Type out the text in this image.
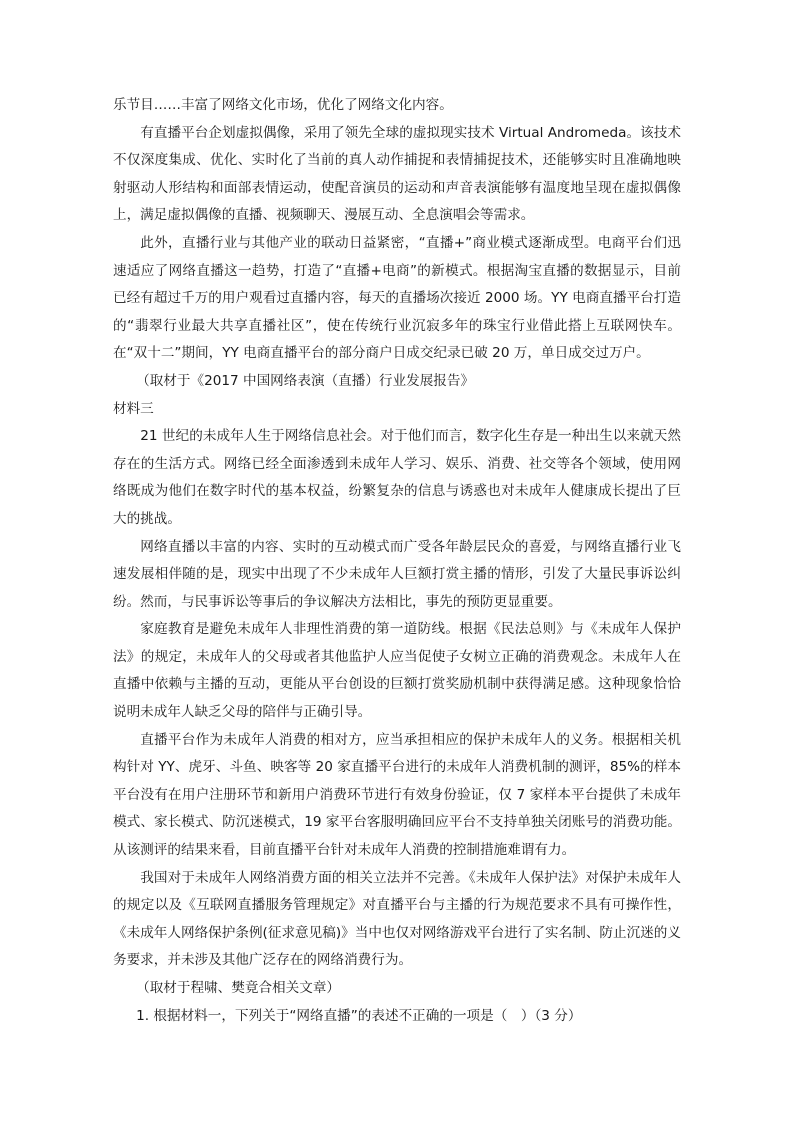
乐节目……丰富了网络文化市场，优化了网络文化内容。

有直播平台企划虚拟偶像，采用了领先全球的虚拟现实技术 Virtual Andromeda。该技术不仅深度集成、优化、实时化了当前的真人动作捕捉和表情捕捉技术，还能够实时且准确地映射驱动人形结构和面部表情运动，使配音演员的运动和声音表演能够有温度地呈现在虚拟偶像上，满足虚拟偶像的直播、视频聊天、漫展互动、全息演唱会等需求。

此外，直播行业与其他产业的联动日益紧密，“直播+”商业模式逐渐成型。电商平台们迅速适应了网络直播这一趋势，打造了“直播+电商”的新模式。根据淘宝直播的数据显示，目前已经有超过千万的用户观看过直播内容，每天的直播场次接近 2000 场。YY 电商直播平台打造的“翡翠行业最大共享直播社区”，使在传统行业沉寂多年的珠宝行业借此搭上互联网快车。在“双十二”期间，YY 电商直播平台的部分商户日成交纪录已破 20 万，单日成交过万户。

（取材于《2017 中国网络表演（直播）行业发展报告》

材料三

21 世纪的未成年人生于网络信息社会。对于他们而言，数字化生存是一种出生以来就天然存在的生活方式。网络已经全面渗透到未成年人学习、娱乐、消费、社交等各个领域，使用网络既成为他们在数字时代的基本权益，纷繁复杂的信息与诱惑也对未成年人健康成长提出了巨大的挑战。

网络直播以丰富的内容、实时的互动模式而广受各年龄层民众的喜爱，与网络直播行业飞速发展相伴随的是，现实中出现了不少未成年人巨额打赏主播的情形，引发了大量民事诉讼纠纷。然而，与民事诉讼等事后的争议解决方法相比，事先的预防更显重要。

家庭教育是避免未成年人非理性消费的第一道防线。根据《民法总则》与《未成年人保护法》的规定，未成年人的父母或者其他监护人应当促使子女树立正确的消费观念。未成年人在直播中依赖与主播的互动，更能从平台创设的巨额打赏奖励机制中获得满足感。这种现象恰恰说明未成年人缺乏父母的陪伴与正确引导。

直播平台作为未成年人消费的相对方，应当承担相应的保护未成年人的义务。根据相关机构针对 YY、虎牙、斗鱼、映客等 20 家直播平台进行的未成年人消费机制的测评，85%的样本平台没有在用户注册环节和新用户消费环节进行有效身份验证，仅 7 家样本平台提供了未成年模式、家长模式、防沉迷模式，19 家平台客服明确回应平台不支持单独关闭账号的消费功能。从该测评的结果来看，目前直播平台针对未成年人消费的控制措施难谓有力。

我国对于未成年人网络消费方面的相关立法并不完善。《未成年人保护法》对保护未成年人的规定以及《互联网直播服务管理规定》对直播平台与主播的行为规范要求不具有可操作性，《未成年人网络保护条例(征求意见稿)》当中也仅对网络游戏平台进行了实名制、防止沉迷的义务要求，并未涉及其他广泛存在的网络消费行为。

（取材于程啸、樊竟合相关文章）

1. 根据材料一，下列关于“网络直播”的表述不正确的一项是（　）（3 分）
